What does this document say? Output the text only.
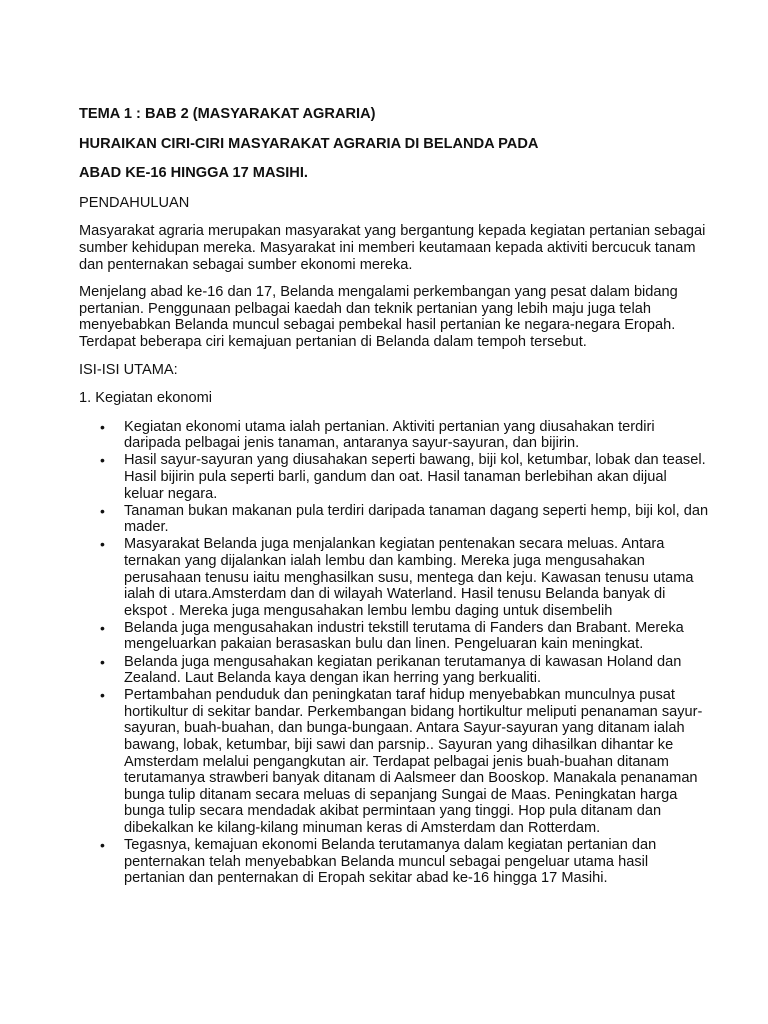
TEMA 1 : BAB 2 (MASYARAKAT AGRARIA)
HURAIKAN CIRI-CIRI MASYARAKAT AGRARIA DI BELANDA PADA
ABAD KE-16 HINGGA 17 MASIHI.
PENDAHULUAN

Masyarakat agraria merupakan masyarakat yang bergantung kepada kegiatan pertanian sebagai sumber kehidupan mereka. Masyarakat ini memberi keutamaan kepada aktiviti bercucuk tanam dan penternakan sebagai sumber ekonomi mereka.

Menjelang abad ke-16 dan 17, Belanda mengalami perkembangan yang pesat dalam bidang pertanian. Penggunaan pelbagai kaedah dan teknik pertanian yang lebih maju juga telah menyebabkan Belanda muncul sebagai pembekal hasil pertanian ke negara-negara Eropah. Terdapat beberapa ciri kemajuan pertanian di Belanda dalam tempoh tersebut.

ISI-ISI UTAMA:
1. Kegiatan ekonomi
• Kegiatan ekonomi utama ialah pertanian. Aktiviti pertanian yang diusahakan terdiri daripada pelbagai jenis tanaman, antaranya sayur-sayuran, dan bijirin.
• Hasil sayur-sayuran yang diusahakan seperti bawang, biji kol, ketumbar, lobak dan teasel. Hasil bijirin pula seperti barli, gandum dan oat. Hasil tanaman berlebihan akan dijual keluar negara.
• Tanaman bukan makanan pula terdiri daripada tanaman dagang seperti hemp, biji kol, dan mader.
• Masyarakat Belanda juga menjalankan kegiatan pentenakan secara meluas. Antara ternakan yang dijalankan ialah lembu dan kambing. Mereka juga mengusahakan perusahaan tenusu iaitu menghasilkan susu, mentega dan keju. Kawasan tenusu utama ialah di utara.Amsterdam dan di wilayah Waterland. Hasil tenusu Belanda banyak di ekspot . Mereka juga mengusahakan lembu lembu daging untuk disembelih
• Belanda juga mengusahakan industri tekstill terutama di Fanders dan Brabant. Mereka mengeluarkan pakaian berasaskan bulu dan linen. Pengeluaran kain meningkat.
• Belanda juga mengusahakan kegiatan perikanan terutamanya di kawasan Holand dan Zealand. Laut Belanda kaya dengan ikan herring yang berkualiti.
• Pertambahan penduduk dan peningkatan taraf hidup menyebabkan munculnya pusat hortikultur di sekitar bandar. Perkembangan bidang hortikultur meliputi penanaman sayur-sayuran, buah-buahan, dan bunga-bungaan. Antara Sayur-sayuran yang ditanam ialah bawang, lobak, ketumbar, biji sawi dan parsnip.. Sayuran yang dihasilkan dihantar ke Amsterdam melalui pengangkutan air. Terdapat pelbagai jenis buah-buahan ditanam terutamanya strawberi banyak ditanam di Aalsmeer dan Booskop. Manakala penanaman bunga tulip ditanam secara meluas di sepanjang Sungai de Maas. Peningkatan harga bunga tulip secara mendadak akibat permintaan yang tinggi. Hop pula ditanam dan dibekalkan ke kilang-kilang minuman keras di Amsterdam dan Rotterdam.
• Tegasnya, kemajuan ekonomi Belanda terutamanya dalam kegiatan pertanian dan penternakan telah menyebabkan Belanda muncul sebagai pengeluar utama hasil pertanian dan penternakan di Eropah sekitar abad ke-16 hingga 17 Masihi.
